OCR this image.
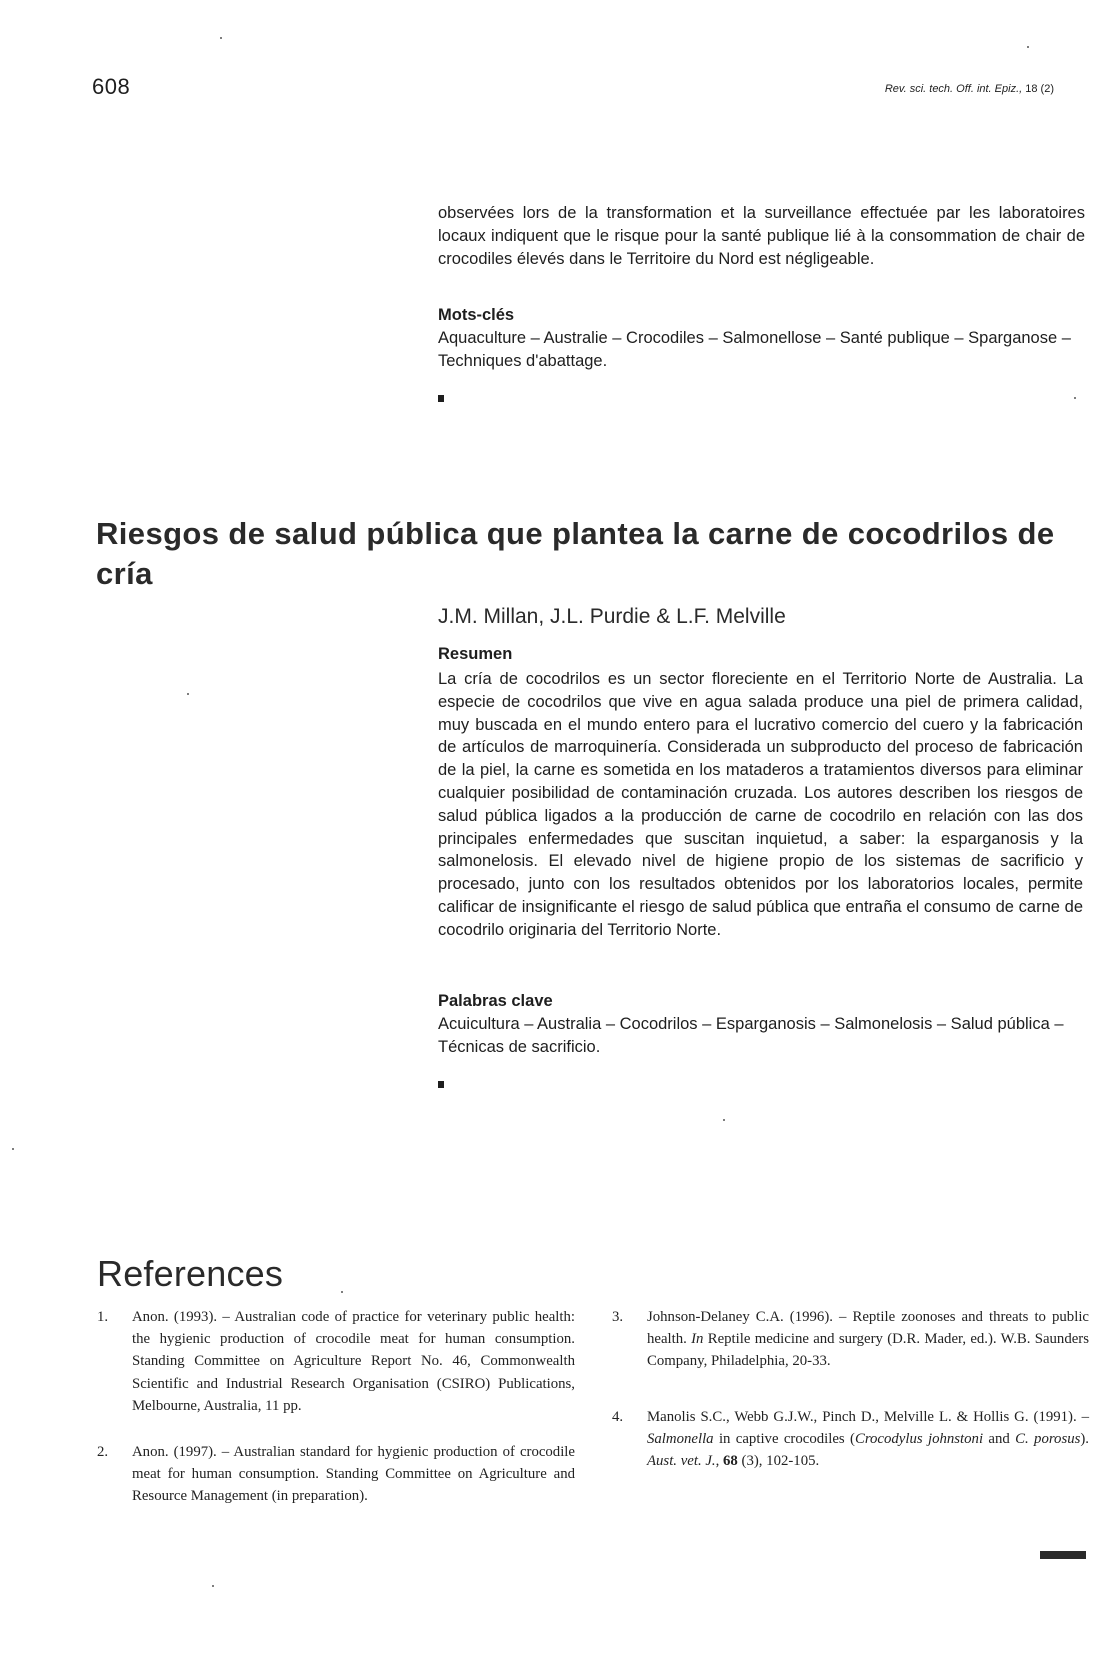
608	Rev. sci. tech. Off. int. Epiz., 18 (2)
observées lors de la transformation et la surveillance effectuée par les laboratoires locaux indiquent que le risque pour la santé publique lié à la consommation de chair de crocodiles élevés dans le Territoire du Nord est négligeable.
Mots-clés
Aquaculture – Australie – Crocodiles – Salmonellose – Santé publique – Sparganose – Techniques d'abattage.
Riesgos de salud pública que plantea la carne de cocodrilos de cría
J.M. Millan, J.L. Purdie & L.F. Melville
Resumen
La cría de cocodrilos es un sector floreciente en el Territorio Norte de Australia. La especie de cocodrilos que vive en agua salada produce una piel de primera calidad, muy buscada en el mundo entero para el lucrativo comercio del cuero y la fabricación de artículos de marroquinería. Considerada un subproducto del proceso de fabricación de la piel, la carne es sometida en los mataderos a tratamientos diversos para eliminar cualquier posibilidad de contaminación cruzada. Los autores describen los riesgos de salud pública ligados a la producción de carne de cocodrilo en relación con las dos principales enfermedades que suscitan inquietud, a saber: la esparganosis y la salmonelosis. El elevado nivel de higiene propio de los sistemas de sacrificio y procesado, junto con los resultados obtenidos por los laboratorios locales, permite calificar de insignificante el riesgo de salud pública que entraña el consumo de carne de cocodrilo originaria del Territorio Norte.
Palabras clave
Acuicultura – Australia – Cocodrilos – Esparganosis – Salmonelosis – Salud pública – Técnicas de sacrificio.
References
1.	Anon. (1993). – Australian code of practice for veterinary public health: the hygienic production of crocodile meat for human consumption. Standing Committee on Agriculture Report No. 46, Commonwealth Scientific and Industrial Research Organisation (CSIRO) Publications, Melbourne, Australia, 11 pp.
2.	Anon. (1997). – Australian standard for hygienic production of crocodile meat for human consumption. Standing Committee on Agriculture and Resource Management (in preparation).
3.	Johnson-Delaney C.A. (1996). – Reptile zoonoses and threats to public health. In Reptile medicine and surgery (D.R. Mader, ed.). W.B. Saunders Company, Philadelphia, 20-33.
4.	Manolis S.C., Webb G.J.W., Pinch D., Melville L. & Hollis G. (1991). – Salmonella in captive crocodiles (Crocodylus johnstoni and C. porosus). Aust. vet. J., 68 (3), 102-105.
